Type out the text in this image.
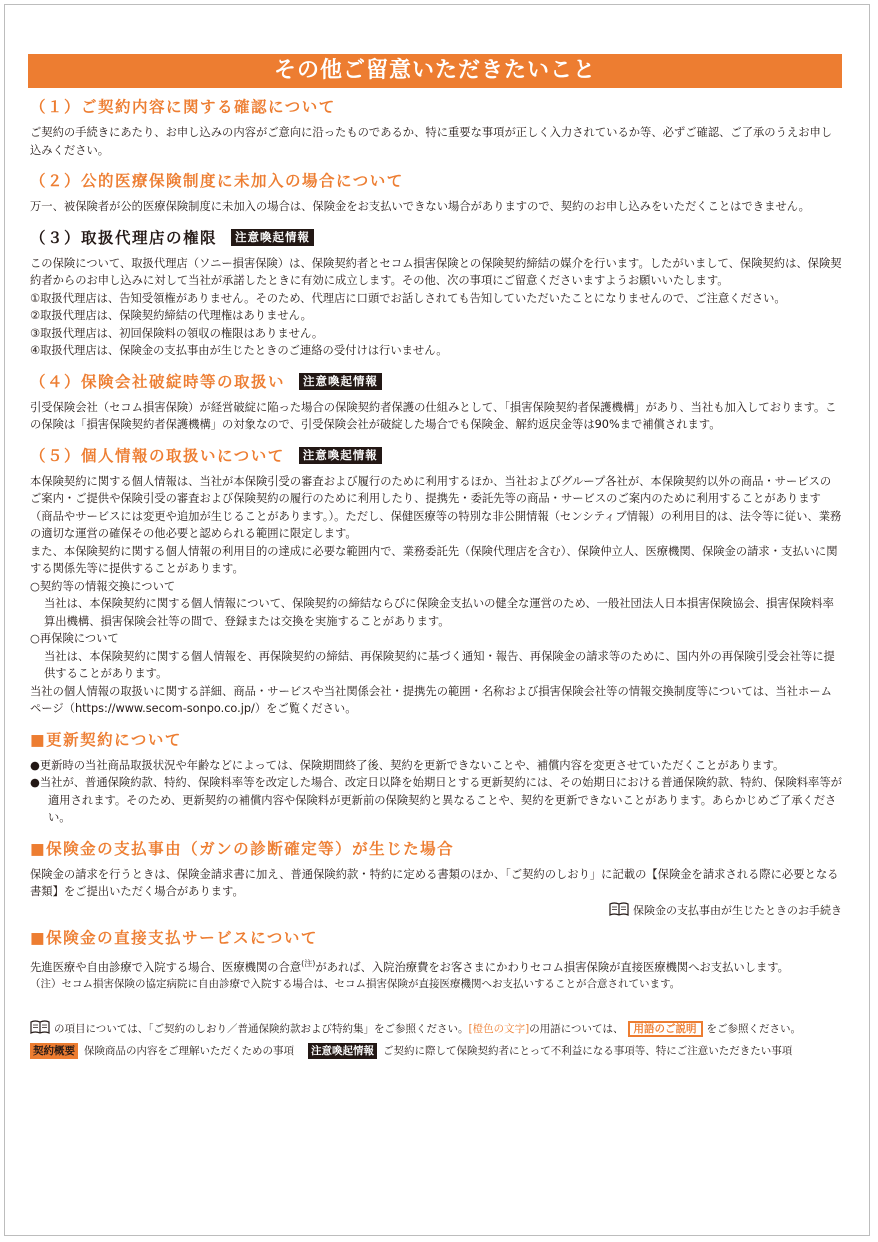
その他ご留意いただきたいこと

（１）ご契約内容に関する確認について

ご契約の手続きにあたり、お申し込みの内容がご意向に沿ったものであるか、特に重要な事項が正しく入力されているか等、必ずご確認、ご了承のうえお申し込みください。

（２）公的医療保険制度に未加入の場合について

万一、被保険者が公的医療保険制度に未加入の場合は、保険金をお支払いできない場合がありますので、契約のお申し込みをいただくことはできません。

（３）取扱代理店の権限 注意喚起情報

この保険について、取扱代理店（ソニー損害保険）は、保険契約者とセコム損害保険との保険契約締結の媒介を行います。したがいまして、保険契約は、保険契約者からのお申し込みに対して当社が承諾したときに有効に成立します。その他、次の事項にご留意くださいますようお願いいたします。

①取扱代理店は、告知受領権がありません。そのため、代理店に口頭でお話しされても告知していただいたことになりませんので、ご注意ください。

②取扱代理店は、保険契約締結の代理権はありません。

③取扱代理店は、初回保険料の領収の権限はありません。

④取扱代理店は、保険金の支払事由が生じたときのご連絡の受付けは行いません。

（４）保険会社破綻時等の取扱い 注意喚起情報

引受保険会社（セコム損害保険）が経営破綻に陥った場合の保険契約者保護の仕組みとして、「損害保険契約者保護機構」があり、当社も加入しております。この保険は「損害保険契約者保護機構」の対象なので、引受保険会社が破綻した場合でも保険金、解約返戻金等は90%まで補償されます。

（５）個人情報の取扱いについて 注意喚起情報

本保険契約に関する個人情報は、当社が本保険引受の審査および履行のために利用するほか、当社およびグループ各社が、本保険契約以外の商品・サービスのご案内・ご提供や保険引受の審査および保険契約の履行のために利用したり、提携先・委託先等の商品・サービスのご案内のために利用することがあります（商品やサービスには変更や追加が生じることがあります。）。ただし、保健医療等の特別な非公開情報（センシティブ情報）の利用目的は、法令等に従い、業務の適切な運営の確保その他必要と認められる範囲に限定します。

また、本保険契約に関する個人情報の利用目的の達成に必要な範囲内で、業務委託先（保険代理店を含む）、保険仲立人、医療機関、保険金の請求・支払いに関する関係先等に提供することがあります。

○契約等の情報交換について

当社は、本保険契約に関する個人情報について、保険契約の締結ならびに保険金支払いの健全な運営のため、一般社団法人日本損害保険協会、損害保険料率算出機構、損害保険会社等の間で、登録または交換を実施することがあります。

○再保険について

当社は、本保険契約に関する個人情報を、再保険契約の締結、再保険契約に基づく通知・報告、再保険金の請求等のために、国内外の再保険引受会社等に提供することがあります。

当社の個人情報の取扱いに関する詳細、商品・サービスや当社関係会社・提携先の範囲・名称および損害保険会社等の情報交換制度等については、当社ホームページ（https://www.secom-sonpo.co.jp/）をご覧ください。

■更新契約について

●更新時の当社商品取扱状況や年齢などによっては、保険期間終了後、契約を更新できないことや、補償内容を変更させていただくことがあります。

●当社が、普通保険約款、特約、保険料率等を改定した場合、改定日以降を始期日とする更新契約には、その始期日における普通保険約款、特約、保険料率等が適用されます。そのため、更新契約の補償内容や保険料が更新前の保険契約と異なることや、契約を更新できないことがあります。あらかじめご了承ください。

■保険金の支払事由（ガンの診断確定等）が生じた場合

保険金の請求を行うときは、保険金請求書に加え、普通保険約款・特約に定める書類のほか、「ご契約のしおり」に記載の【保険金を請求される際に必要となる書類】をご提出いただく場合があります。

保険金の支払事由が生じたときのお手続き

■保険金の直接支払サービスについて

先進医療や自由診療で入院する場合、医療機関の合意$^{(注)}$があれば、入院治療費をお客さまにかわりセコム損害保険が直接医療機関へお支払いします。

（注）セコム損害保険の協定病院に自由診療で入院する場合は、セコム損害保険が直接医療機関へお支払いすることが合意されています。

の項目については、「ご契約のしおり／普通保険約款および特約集」をご参照ください。[橙色の文字]の用語については、 用語のご説明 をご参照ください。
契約概要 保険商品の内容をご理解いただくための事項 注意喚起情報 ご契約に際して保険契約者にとって不利益になる事項等、特にご注意いただきたい事項
